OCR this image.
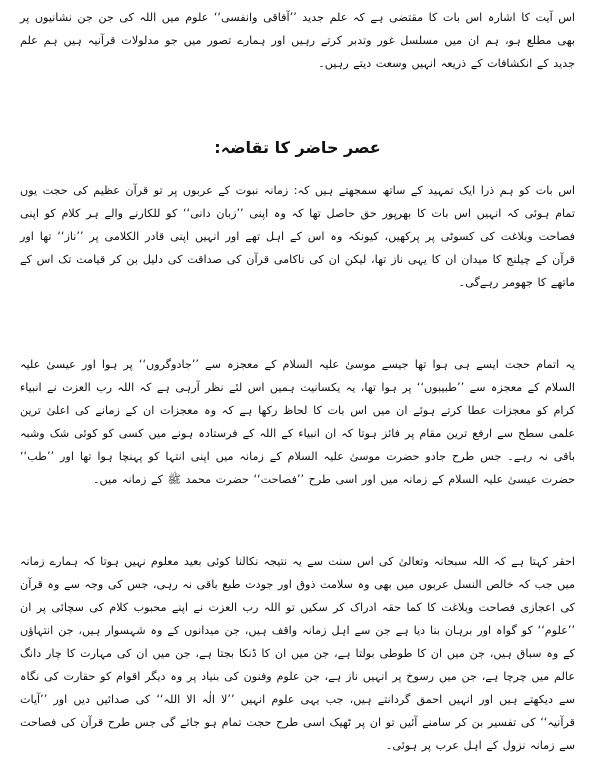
اس آیت کا اشارہ اس بات کا مقتضی ہے کہ علم جدید ’’آفاقی وانفسی‘‘ علوم میں اللہ کی جن جن نشانیوں پر بھی مطلع ہو، ہم ان میں مسلسل غور وتدبر کرتے رہیں اور ہمارے تصور میں جو مدلولات قرآنیہ ہیں ہم علم جدید کے انکشافات کے ذریعہ انہیں وسعت دیتے رہیں۔

عصر حاضر کا تقاضہ:

اس بات کو ہم ذرا ایک تمہید کے ساتھ سمجھتے ہیں کہ: زمانہ نبوت کے عربوں پر تو قرآن عظیم کی حجت یوں تمام ہوئی کہ انہیں اس بات کا بھرپور حق حاصل تھا کہ وہ اپنی ’’زبان دانی‘‘ کو للکارنے والے ہر کلام کو اپنی فصاحت وبلاغت کی کسوٹی پر پرکھیں، کیونکہ وہ اس کے اہل تھے اور انہیں اپنی قادر الکلامی پر ’’ناز‘‘ تھا اور قرآن کے چیلنج کا میدان ان کا یہی ناز تھا، لیکن ان کی ناکامی قرآن کی صداقت کی دلیل بن کر قیامت تک اس کے ماتھے کا جھومر رہےگی۔

یہ اتمام حجت ایسے ہی ہوا تھا جیسے موسیٰ علیہ السلام کے معجزہ سے ’’جادوگروں‘‘ پر ہوا اور عیسیٰ علیہ السلام کے معجزہ سے ’’طبیبوں‘‘ پر ہوا تھا، یہ یکسانیت ہمیں اس لئے نظر آرہی ہے کہ اللہ رب العزت نے انبیاء کرام کو معجزات عطا کرتے ہوئے ان میں اس بات کا لحاظ رکھا ہے کہ وہ معجزات ان کے زمانے کی اعلیٰ ترین علمی سطح سے ارفع ترین مقام پر فائز ہوتا کہ ان انبیاء کے اللہ کے فرستادہ ہونے میں کسی کو کوئی شک وشبہ باقی نہ رہے۔ جس طرح جادو حضرت موسیٰ علیہ السلام کے زمانہ میں اپنی انتہا کو پہنچا ہوا تھا اور ’’طب‘‘ حضرت عیسیٰ علیہ السلام کے زمانہ میں اور اسی طرح ’’فصاحت‘‘ حضرت محمد ﷺ کے زمانہ میں۔

احقر کہتا ہے کہ اللہ سبحانہ وتعالیٰ کی اس سنت سے یہ نتیجہ نکالنا کوئی بعید معلوم نہیں ہوتا کہ ہمارے زمانہ میں جب کہ خالص النسل عربوں میں بھی وہ سلامت ذوق اور جودت طبع باقی نہ رہی، جس کی وجہ سے وہ قرآن کی اعجازی فصاحت وبلاغت کا کما حقہ ادراک کر سکیں تو اللہ رب العزت نے اپنے محبوب کلام کی سچائی پر ان ’’علوم‘‘ کو گواہ اور برہان بنا دیا ہے جن سے اہل زمانہ واقف ہیں، جن میدانوں کے وہ شہسوار ہیں، جن انتہاؤں کے وہ سباق ہیں، جن میں ان کا طوطی بولتا ہے، جن میں ان کا ڈنکا بجتا ہے، جن میں ان کی مہارت کا چار دانگ عالم میں چرچا ہے، جن میں رسوخ پر انہیں ناز ہے، جن علوم وفنون کی بنیاد پر وہ دیگر اقوام کو حقارت کی نگاہ سے دیکھتے ہیں اور انہیں احمق گردانتے ہیں، جب یہی علوم انہیں ’’لا الٰہ الا اللہ‘‘ کی صدائیں دیں اور ’’آیات قرآنیہ‘‘ کی تفسیر بن کر سامنے آئیں تو ان پر ٹھیک اسی طرح حجت تمام ہو جائے گی جس طرح قرآن کی فصاحت سے زمانہ نزول کے اہل عرب پر ہوئی۔
